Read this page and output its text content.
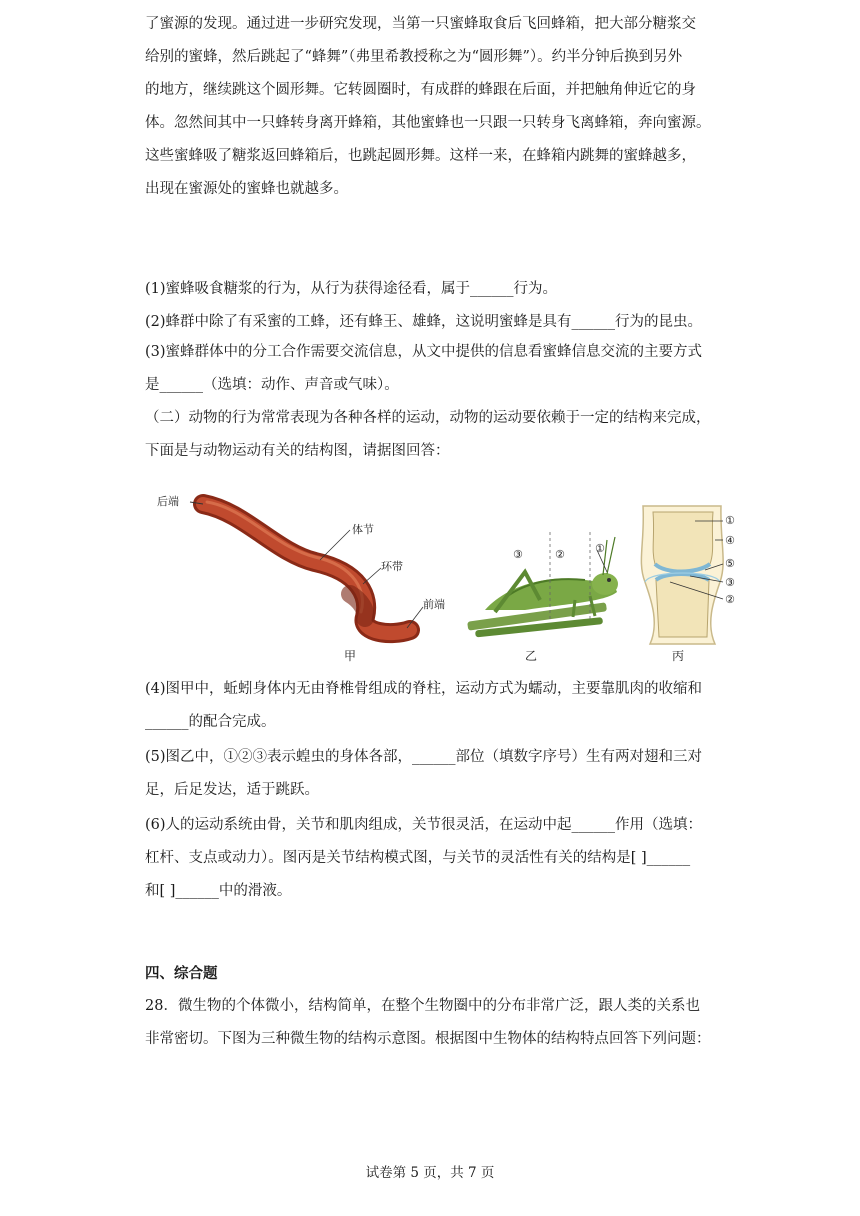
了蜜源的发现。通过进一步研究发现，当第一只蜜蜂取食后飞回蜂箱，把大部分糖浆交
给别的蜜蜂，然后跳起了“蜂舞”（弗里希教授称之为“圆形舞”）。约半分钟后换到另外
的地方，继续跳这个圆形舞。它转圆圈时，有成群的蜂跟在后面，并把触角伸近它的身
体。忽然间其中一只蜂转身离开蜂箱，其他蜜蜂也一只跟一只转身飞离蜂箱，奔向蜜源。
这些蜜蜂吸了糖浆返回蜂箱后，也跳起圆形舞。这样一来，在蜂箱内跳舞的蜜蜂越多，
出现在蜜源处的蜜蜂也就越多。
(1)蜜蜂吸食糖浆的行为，从行为获得途径看，属于______行为。
(2)蜂群中除了有采蜜的工蜂，还有蜂王、雄蜂，这说明蜜蜂是具有______行为的昆虫。
(3)蜜蜂群体中的分工合作需要交流信息，从文中提供的信息看蜜蜂信息交流的主要方式
是______（选填：动作、声音或气味）。
（二）动物的行为常常表现为各种各样的运动，动物的运动要依赖于一定的结构来完成，
下面是与动物运动有关的结构图，请据图回答：
后端
体节
环带
前端
甲
③	②	①
乙
①
④
⑤
③
②
丙
(4)图甲中，蚯蚓身体内无由脊椎骨组成的脊柱，运动方式为蠕动，主要靠肌肉的收缩和
______的配合完成。
(5)图乙中，①②③表示蝗虫的身体各部，______部位（填数字序号）生有两对翅和三对
足，后足发达，适于跳跃。
(6)人的运动系统由骨，关节和肌肉组成，关节很灵活，在运动中起______作用（选填：
杠杆、支点或动力）。图丙是关节结构模式图，与关节的灵活性有关的结构是[ ]______
和[ ]______中的滑液。
四、综合题
28．微生物的个体微小，结构简单，在整个生物圈中的分布非常广泛，跟人类的关系也
非常密切。下图为三种微生物的结构示意图。根据图中生物体的结构特点回答下列问题：
试卷第 5 页，共 7 页
